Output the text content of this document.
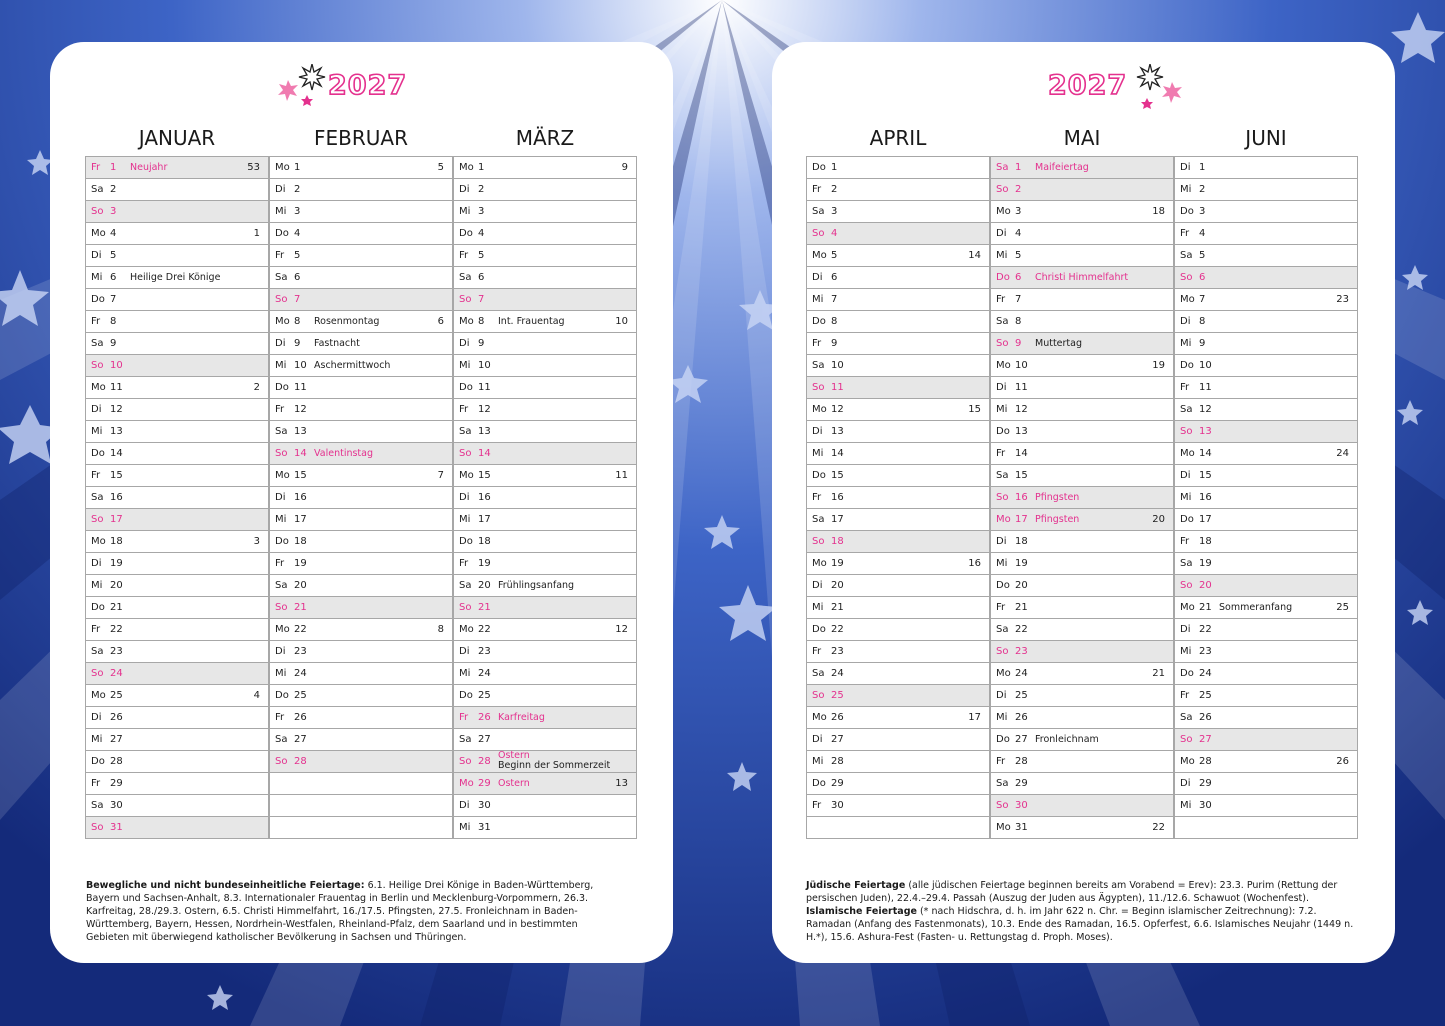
2027
JANUAR
Fr 1 Neujahr	53
Sa 2
So 3
Mo 4	1
Di 5
Mi 6 Heilige Drei Könige
Do 7
Fr 8
Sa 9
So 10
Mo 11	2
Di 12
Mi 13
Do 14
Fr 15
Sa 16
So 17
Mo 18	3
Di 19
Mi 20
Do 21
Fr 22
Sa 23
So 24
Mo 25	4
Di 26
Mi 27
Do 28
Fr 29
Sa 30
So 31
FEBRUAR
Mo 1	5
Di 2
Mi 3
Do 4
Fr 5
Sa 6
So 7
Mo 8 Rosenmontag	6
Di 9 Fastnacht
Mi 10 Aschermittwoch
Do 11
Fr 12
Sa 13
So 14 Valentinstag
Mo 15	7
Di 16
Mi 17
Do 18
Fr 19
Sa 20
So 21
Mo 22	8
Di 23
Mi 24
Do 25
Fr 26
Sa 27
So 28
MÄRZ
Mo 1	9
Di 2
Mi 3
Do 4
Fr 5
Sa 6
So 7
Mo 8 Int. Frauentag	10
Di 9
Mi 10
Do 11
Fr 12
Sa 13
So 14
Mo 15	11
Di 16
Mi 17
Do 18
Fr 19
Sa 20 Frühlingsanfang
So 21
Mo 22	12
Di 23
Mi 24
Do 25
Fr 26 Karfreitag
Sa 27
So 28
Ostern
Beginn der Sommerzeit
Mo 29 Ostern	13
Di 30
Mi 31
Bewegliche und nicht bundeseinheitliche Feiertage: 6.1. Heilige Drei Könige in Baden-Württemberg, Bayern und Sachsen-Anhalt, 8.3. Internationaler Frauentag in Berlin und Mecklenburg-Vorpommern, 26.3. Karfreitag, 28./29.3. Ostern, 6.5. Christi Himmelfahrt, 16./17.5. Pfingsten, 27.5. Fronleichnam in Baden-Württemberg, Bayern, Hessen, Nordrhein-Westfalen, Rheinland-Pfalz, dem Saarland und in bestimmten Gebieten mit überwiegend katholischer Bevölkerung in Sachsen und Thüringen.
2027
APRIL
Do 1
Fr 2
Sa 3
So 4
Mo 5	14
Di 6
Mi 7
Do 8
Fr 9
Sa 10
So 11
Mo 12	15
Di 13
Mi 14
Do 15
Fr 16
Sa 17
So 18
Mo 19	16
Di 20
Mi 21
Do 22
Fr 23
Sa 24
So 25
Mo 26	17
Di 27
Mi 28
Do 29
Fr 30
MAI
Sa 1 Maifeiertag
So 2
Mo 3	18
Di 4
Mi 5
Do 6 Christi Himmelfahrt
Fr 7
Sa 8
So 9 Muttertag
Mo 10	19
Di 11
Mi 12
Do 13
Fr 14
Sa 15
So 16 Pfingsten
Mo 17 Pfingsten	20
Di 18
Mi 19
Do 20
Fr 21
Sa 22
So 23
Mo 24	21
Di 25
Mi 26
Do 27 Fronleichnam
Fr 28
Sa 29
So 30
Mo 31	22
JUNI
Di 1
Mi 2
Do 3
Fr 4
Sa 5
So 6
Mo 7	23
Di 8
Mi 9
Do 10
Fr 11
Sa 12
So 13
Mo 14	24
Di 15
Mi 16
Do 17
Fr 18
Sa 19
So 20
Mo 21 Sommeranfang	25
Di 22
Mi 23
Do 24
Fr 25
Sa 26
So 27
Mo 28	26
Di 29
Mi 30
Jüdische Feiertage (alle jüdischen Feiertage beginnen bereits am Vorabend = Erev): 23.3. Purim (Rettung der persischen Juden), 22.4.–29.4. Passah (Auszug der Juden aus Ägypten), 11./12.6. Schawuot (Wochenfest).
Islamische Feiertage (* nach Hidschra, d. h. im Jahr 622 n. Chr. = Beginn islamischer Zeitrechnung): 7.2. Ramadan (Anfang des Fastenmonats), 10.3. Ende des Ramadan, 16.5. Opferfest, 6.6. Islamisches Neujahr (1449 n. H.*), 15.6. Ashura-Fest (Fasten- u. Rettungstag d. Proph. Moses).
